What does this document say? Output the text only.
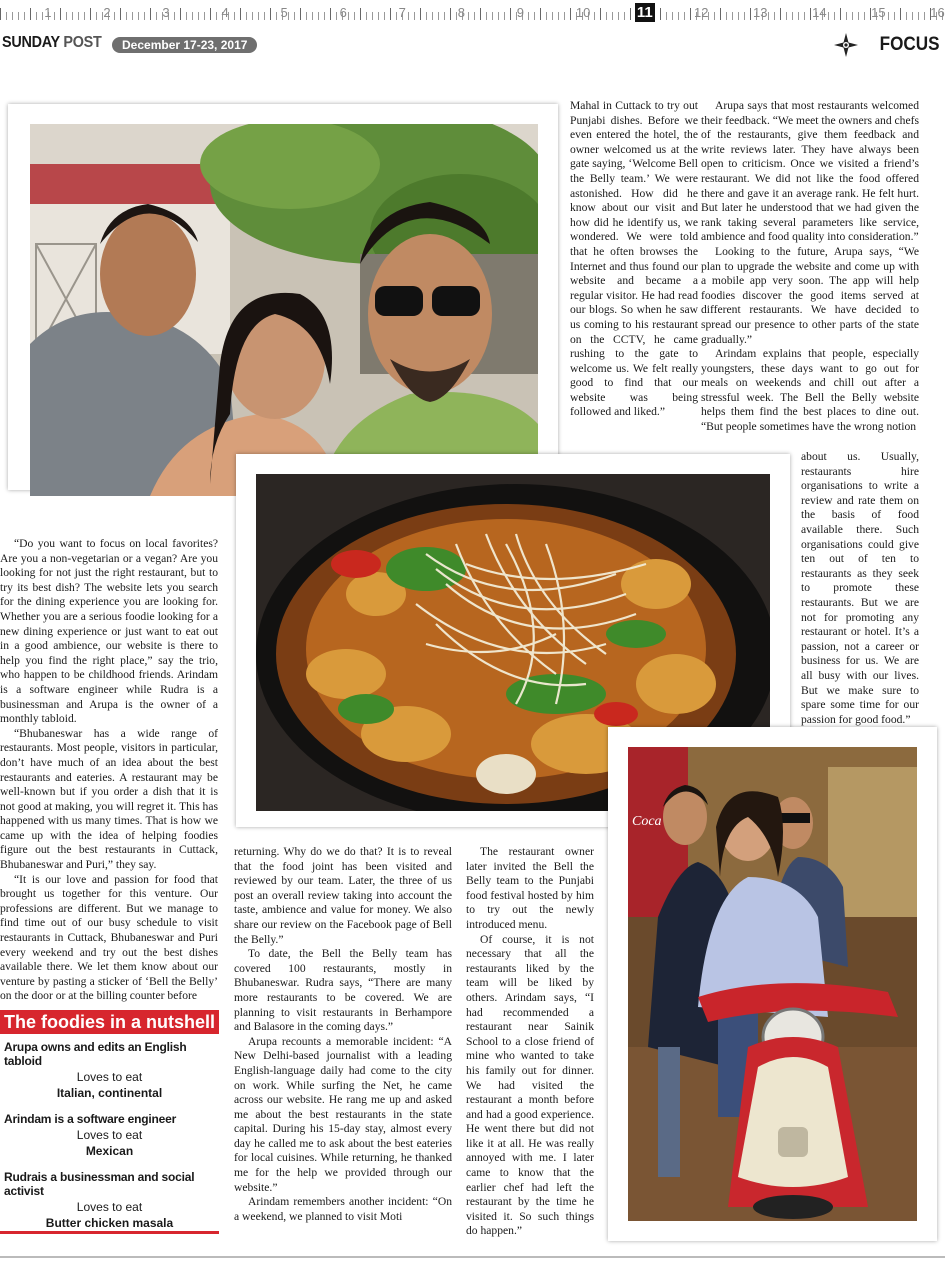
1	2	3	4	5	6	7	8	9	10	11	12	13	14	15	16
SUNDAY POST	December 17-23, 2017	FOCUS
Coca

“Do you want to focus on local favorites? Are you a non-vegetarian or a vegan? Are you looking for not just the right restaurant, but to try its best dish? The website lets you search for the dining experience you are looking for. Whether you are a serious foodie looking for a new dining experience or just want to eat out in a good ambience, our website is there to help you find the right place,” say the trio, who happen to be childhood friends. Arindam is a software engineer while Rudra is a businessman and Arupa is the owner of a monthly tabloid.

“Bhubaneswar has a wide range of restaurants. Most people, visitors in particular, don’t have much of an idea about the best restaurants and eateries. A restaurant may be well-known but if you order a dish that it is not good at making, you will regret it. This has happened with us many times. That is how we came up with the idea of helping foodies figure out the best restaurants in Cuttack, Bhubaneswar and Puri,” they say.

“It is our love and passion for food that brought us together for this venture. Our professions are different. But we manage to find time out of our busy schedule to visit restaurants in Cuttack, Bhubaneswar and Puri every weekend and try out the best dishes available there. We let them know about our venture by pasting a sticker of ‘Bell the Belly’ on the door or at the billing counter before

The foodies in a nutshell
Arupa owns and edits an English tabloid
Loves to eat
Italian, continental
Arindam is a software engineer
Loves to eat
Mexican
Rudrais a businessman and social activist
Loves to eat
Butter chicken masala

returning. Why do we do that? It is to reveal that the food joint has been visited and reviewed by our team. Later, the three of us post an overall review taking into account the taste, ambience and value for money. We also share our review on the Facebook page of Bell the Belly.”

To date, the Bell the Belly team has covered 100 restaurants, mostly in Bhubaneswar. Rudra says, “There are many more restaurants to be covered. We are planning to visit restaurants in Berhampore and Balasore in the coming days.”

Arupa recounts a memorable incident: “A New Delhi-based journalist with a leading English-language daily had come to the city on work. While surfing the Net, he came across our website. He rang me up and asked me about the best restaurants in the state capital. During his 15-day stay, almost every day he called me to ask about the best eateries for local cuisines. While returning, he thanked me for the help we provided through our website.”

Arindam remembers another incident: “On a weekend, we planned to visit Moti

The restaurant owner later invited the Bell the Belly team to the Punjabi food festival hosted by him to try out the newly introduced menu.

Of course, it is not necessary that all the restaurants liked by the team will be liked by others. Arindam says, “I had recommended a restaurant near Sainik School to a close friend of mine who wanted to take his family out for dinner. We had visited the restaurant a month before and had a good experience. He went there but did not like it at all. He was really annoyed with me. I later came to know that the earlier chef had left the restaurant by the time he visited it. So such things do happen.”

Mahal in Cuttack to try out Punjabi dishes. Before we even entered the hotel, the owner welcomed us at the gate saying, ‘Welcome Bell the Belly team.’ We were astonished. How did he know about our visit and how did he identify us, we wondered. We were told that he often browses the Internet and thus found our website and became a regular visitor. He had read our blogs. So when he saw us coming to his restaurant on the CCTV, he came rushing to the gate to welcome us. We felt really good to find that our website was being followed and liked.”

Arupa says that most restaurants welcomed their feedback. “We meet the owners and chefs of the restaurants, give them feedback and write reviews later. They have always been open to criticism. Once we visited a friend’s restaurant. We did not like the food offered there and gave it an average rank. He felt hurt. But later he understood that we had given the rank taking several parameters like service, ambience and food quality into consideration.”

Looking to the future, Arupa says, “We plan to upgrade the website and come up with a mobile app very soon. The app will help foodies discover the good items served at different restaurants. We have decided to spread our presence to other parts of the state gradually.”

Arindam explains that people, especially youngsters, these days want to go out for meals on weekends and chill out after a stressful week. The Bell the Belly website helps them find the best places to dine out. “But people sometimes have the wrong notion

about us. Usually, restaurants hire organisations to write a review and rate them on the basis of food available there. Such organisations could give ten out of ten to restaurants as they seek to promote these restaurants. But we are not for promoting any restaurant or hotel. It’s a passion, not a career or business for us. We are all busy with our lives. But we make sure to spare some time for our passion for good food.”
